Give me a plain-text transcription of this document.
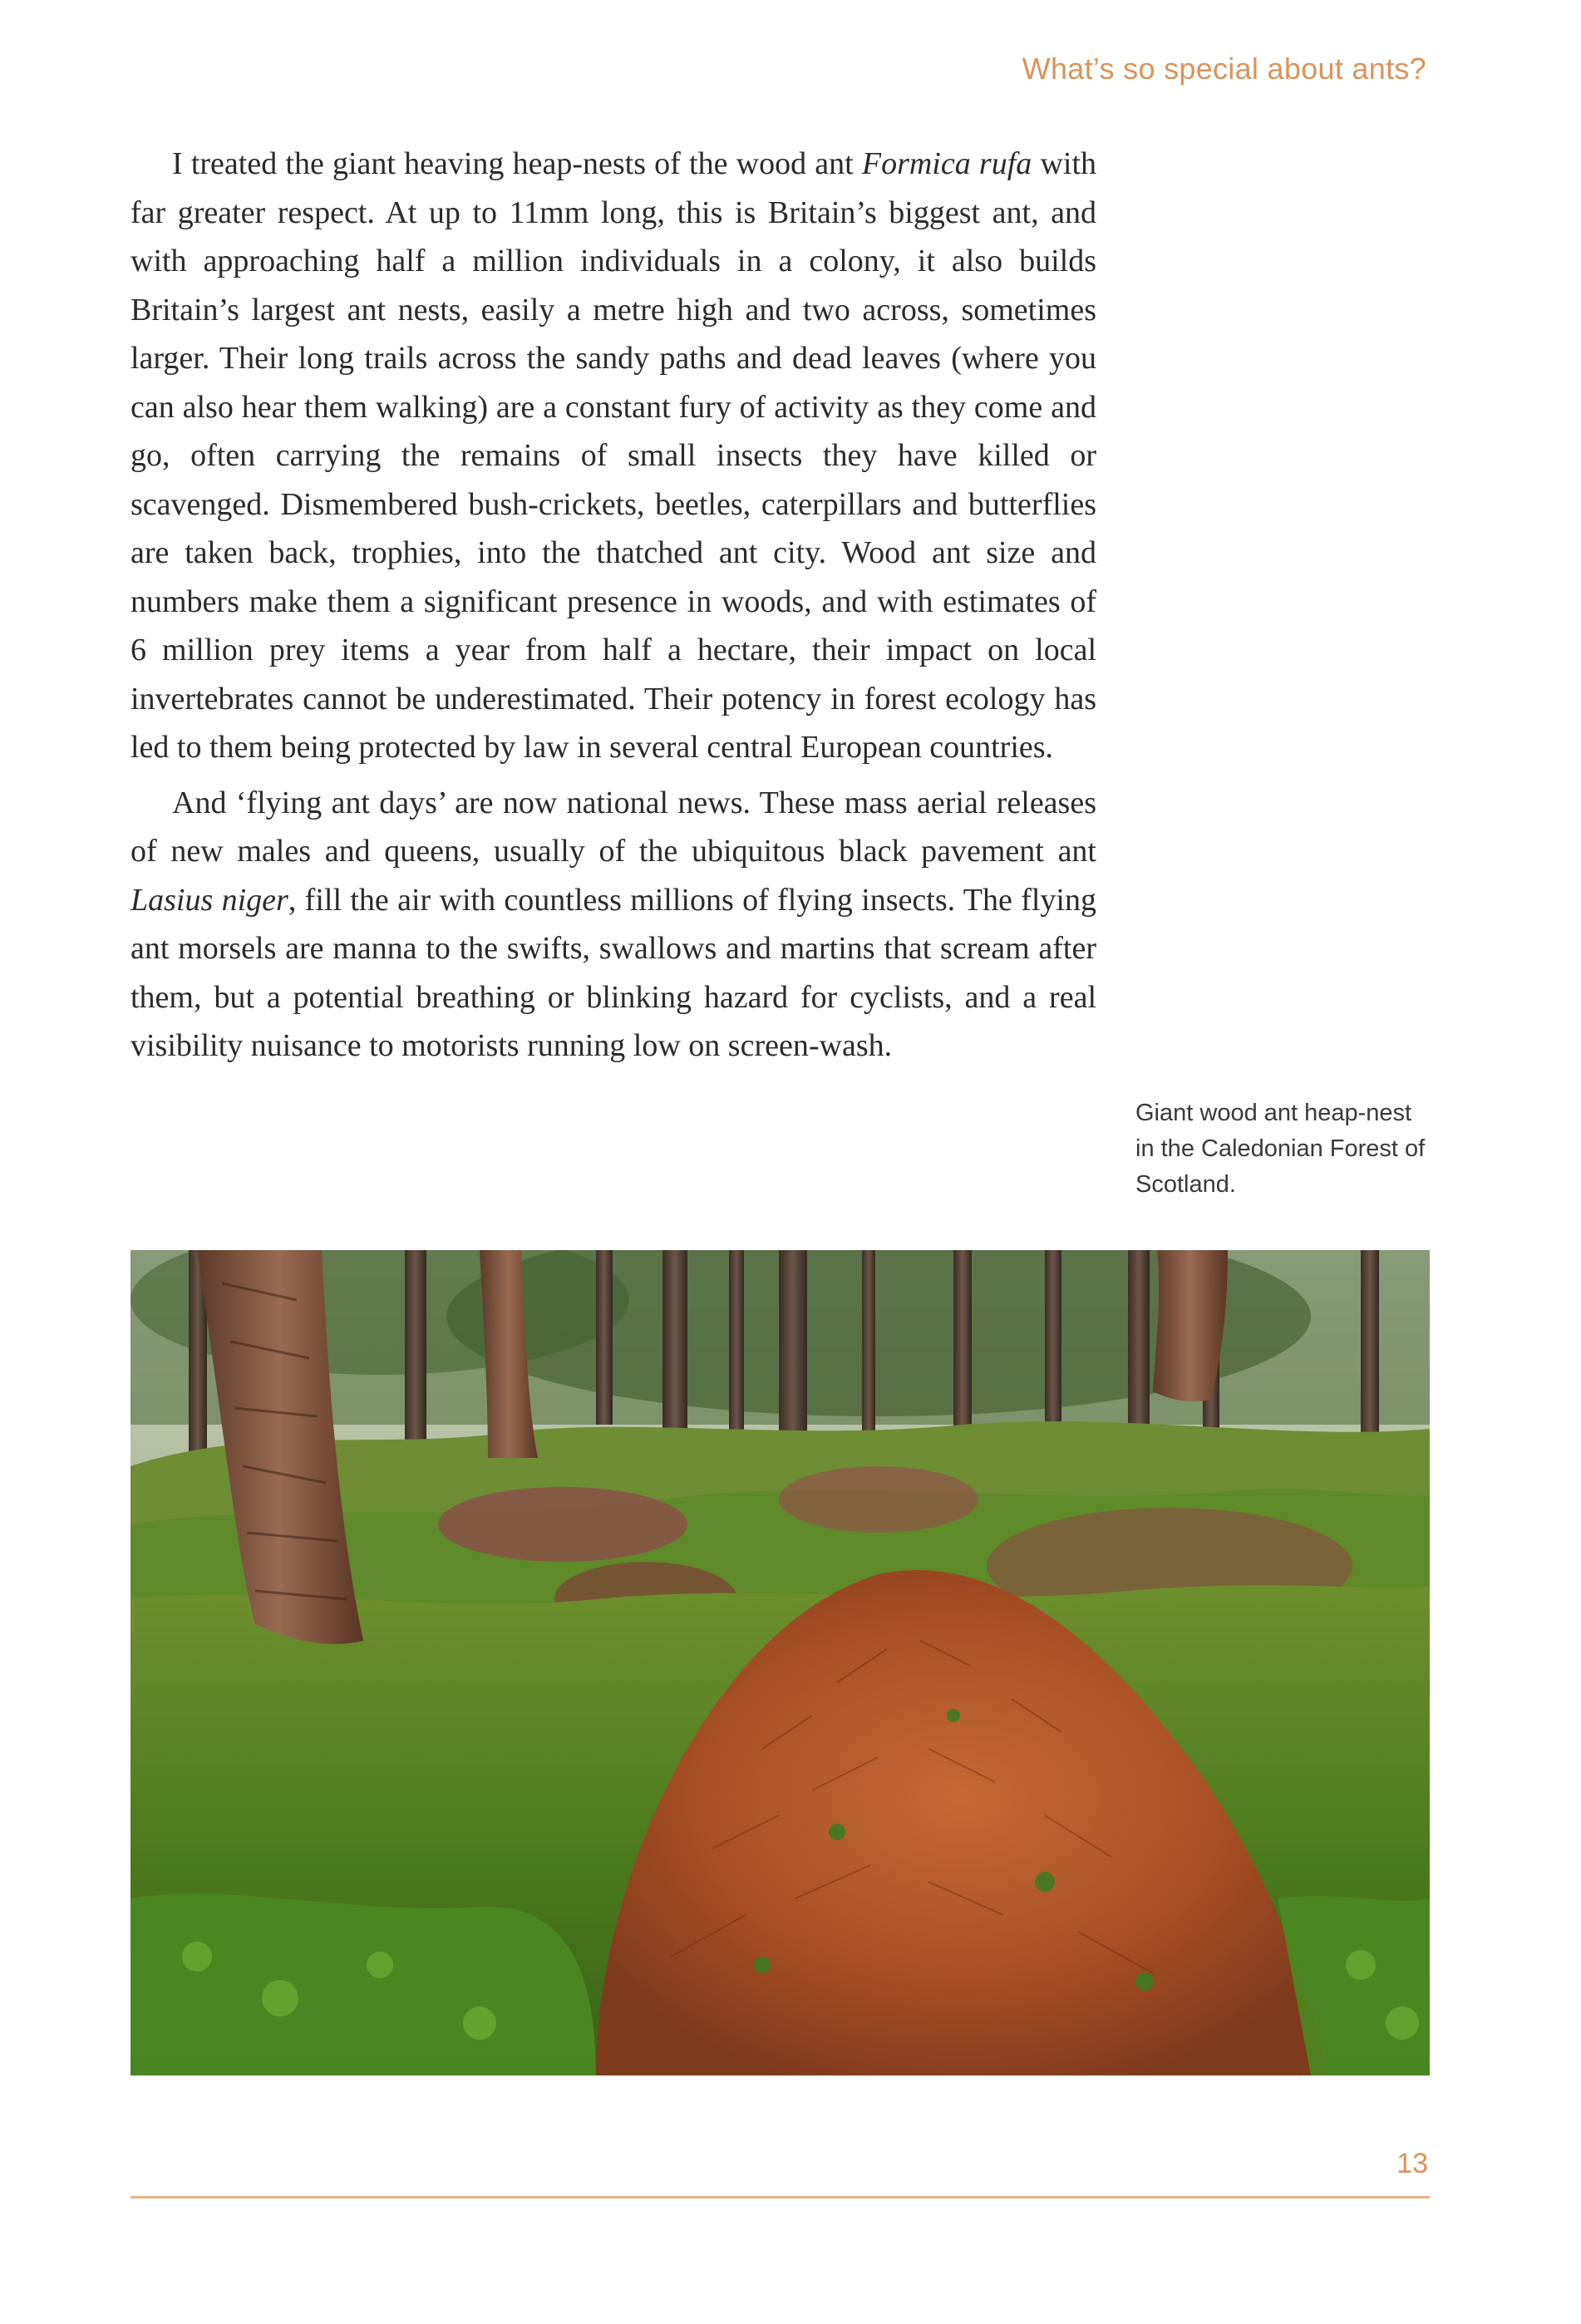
What’s so special about ants?

I treated the giant heaving heap-nests of the wood ant Formica rufa with far greater respect. At up to 11mm long, this is Britain’s biggest ant, and with approaching half a million individuals in a colony, it also builds Britain’s largest ant nests, easily a metre high and two across, sometimes larger. Their long trails across the sandy paths and dead leaves (where you can also hear them walking) are a constant fury of activity as they come and go, often carrying the remains of small insects they have killed or scavenged. Dismembered bush-crickets, beetles, caterpillars and butterflies are taken back, trophies, into the thatched ant city. Wood ant size and numbers make them a significant presence in woods, and with estimates of 6 million prey items a year from half a hectare, their impact on local invertebrates cannot be underestimated. Their potency in forest ecology has led to them being protected by law in several central European countries.

And ‘flying ant days’ are now national news. These mass aerial releases of new males and queens, usually of the ubiquitous black pavement ant Lasius niger, fill the air with countless millions of flying insects. The flying ant morsels are manna to the swifts, swallows and martins that scream after them, but a potential breathing or blinking hazard for cyclists, and a real visibility nuisance to motorists running low on screen-wash.

Giant wood ant heap-nest in the Caledonian Forest of Scotland.
13
